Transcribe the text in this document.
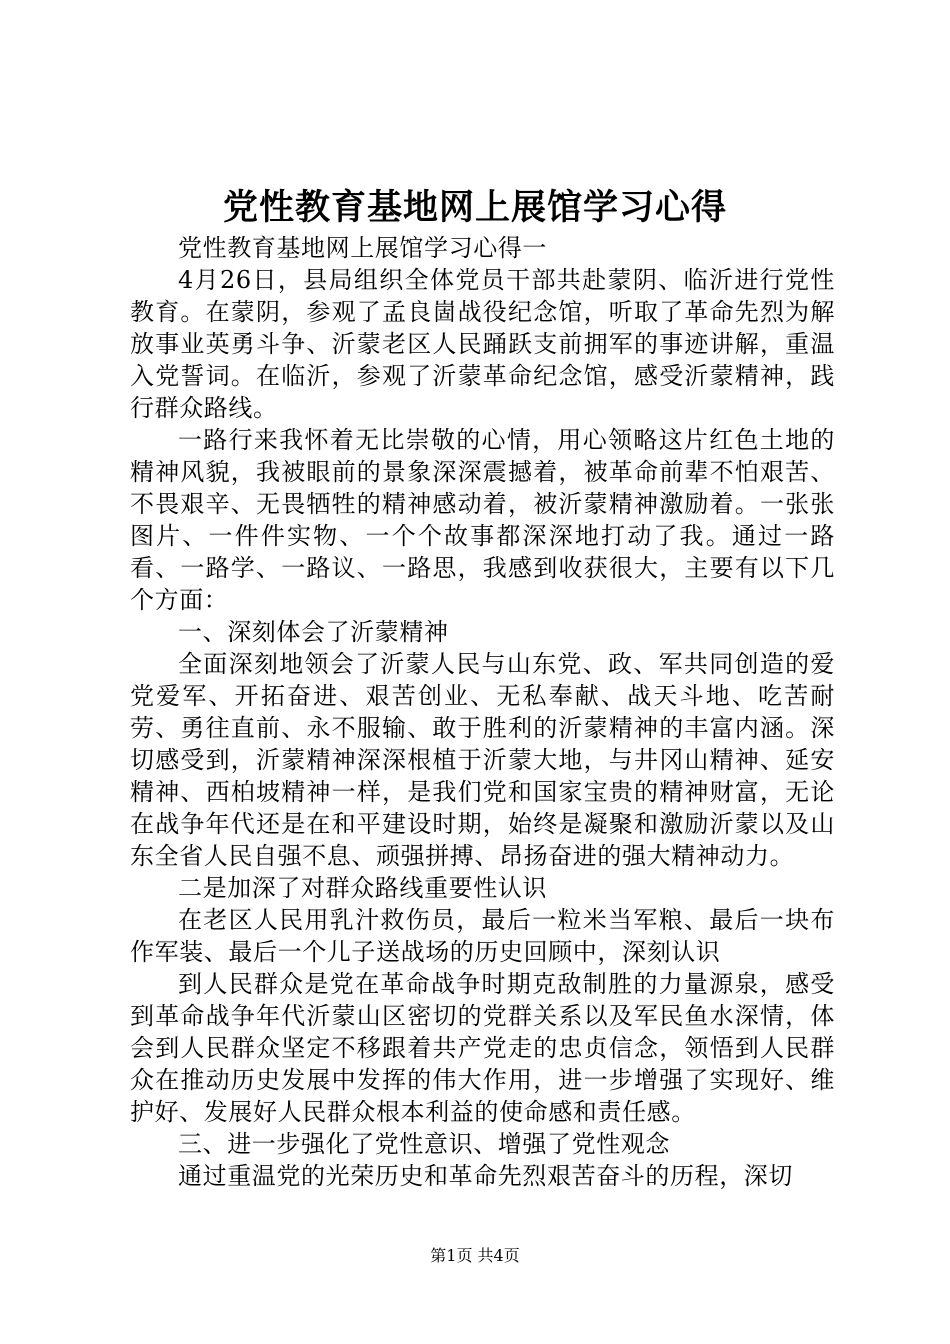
党性教育基地网上展馆学习心得

党性教育基地网上展馆学习心得一

4月26日，县局组织全体党员干部共赴蒙阴、临沂进行党性教育。在蒙阴，参观了孟良崮战役纪念馆，听取了革命先烈为解放事业英勇斗争、沂蒙老区人民踊跃支前拥军的事迹讲解，重温入党誓词。在临沂，参观了沂蒙革命纪念馆，感受沂蒙精神，践行群众路线。

一路行来我怀着无比崇敬的心情，用心领略这片红色土地的精神风貌，我被眼前的景象深深震撼着，被革命前辈不怕艰苦、不畏艰辛、无畏牺牲的精神感动着，被沂蒙精神激励着。一张张图片、一件件实物、一个个故事都深深地打动了我。通过一路看、一路学、一路议、一路思，我感到收获很大，主要有以下几个方面：

一、深刻体会了沂蒙精神

全面深刻地领会了沂蒙人民与山东党、政、军共同创造的爱党爱军、开拓奋进、艰苦创业、无私奉献、战天斗地、吃苦耐劳、勇往直前、永不服输、敢于胜利的沂蒙精神的丰富内涵。深切感受到，沂蒙精神深深根植于沂蒙大地，与井冈山精神、延安精神、西柏坡精神一样，是我们党和国家宝贵的精神财富，无论在战争年代还是在和平建设时期，始终是凝聚和激励沂蒙以及山东全省人民自强不息、顽强拼搏、昂扬奋进的强大精神动力。

二是加深了对群众路线重要性认识

在老区人民用乳汁救伤员，最后一粒米当军粮、最后一块布作军装、最后一个儿子送战场的历史回顾中，深刻认识

到人民群众是党在革命战争时期克敌制胜的力量源泉，感受到革命战争年代沂蒙山区密切的党群关系以及军民鱼水深情，体会到人民群众坚定不移跟着共产党走的忠贞信念，领悟到人民群众在推动历史发展中发挥的伟大作用，进一步增强了实现好、维护好、发展好人民群众根本利益的使命感和责任感。

三、进一步强化了党性意识、增强了党性观念

通过重温党的光荣历史和革命先烈艰苦奋斗的历程，深切

第1页 共4页
